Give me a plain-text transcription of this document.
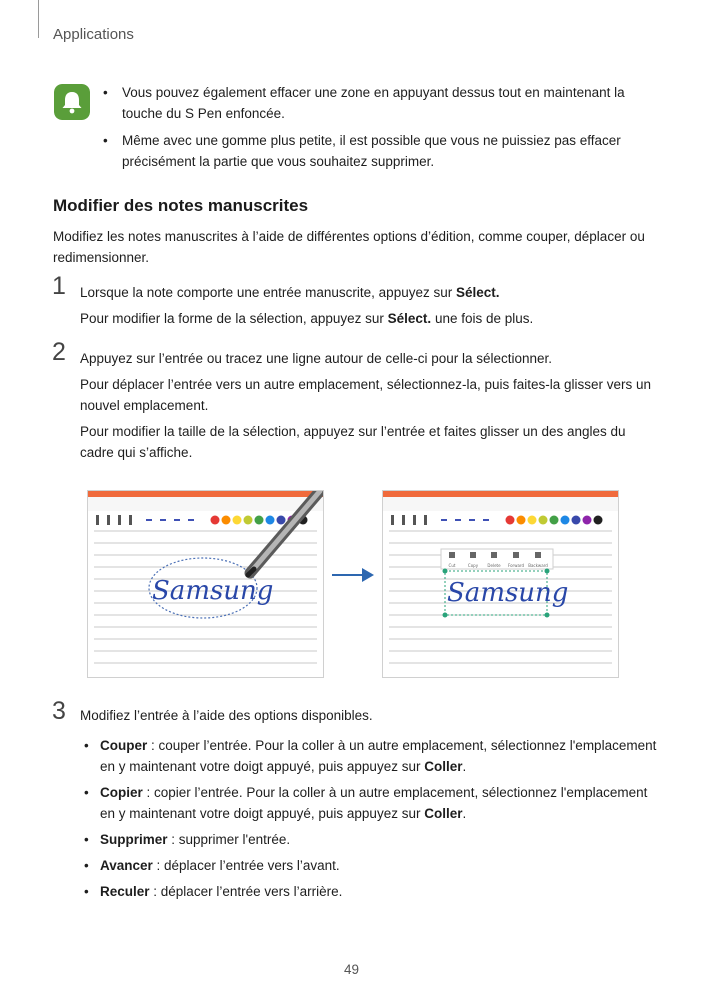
Applications
• Vous pouvez également effacer une zone en appuyant dessus tout en maintenant la touche du S Pen enfoncée.
• Même avec une gomme plus petite, il est possible que vous ne puissiez pas effacer précisément la partie que vous souhaitez supprimer.
Modifier des notes manuscrites
Modifiez les notes manuscrites à l’aide de différentes options d’édition, comme couper, déplacer ou redimensionner.
1 Lorsque la note comporte une entrée manuscrite, appuyez sur Sélect.
Pour modifier la forme de la sélection, appuyez sur Sélect. une fois de plus.
2 Appuyez sur l’entrée ou tracez une ligne autour de celle-ci pour la sélectionner.
Pour déplacer l’entrée vers un autre emplacement, sélectionnez-la, puis faites-la glisser vers un nouvel emplacement.
Pour modifier la taille de la sélection, appuyez sur l’entrée et faites glisser un des angles du cadre qui s’affiche.
Samsung
Cut	Copy Delete Forward Backward
Samsung
3 Modifiez l’entrée à l’aide des options disponibles.
• Couper : couper l’entrée. Pour la coller à un autre emplacement, sélectionnez l'emplacement en y maintenant votre doigt appuyé, puis appuyez sur Coller.
• Copier : copier l’entrée. Pour la coller à un autre emplacement, sélectionnez l'emplacement en y maintenant votre doigt appuyé, puis appuyez sur Coller.
• Supprimer : supprimer l'entrée.
• Avancer : déplacer l’entrée vers l’avant.
• Reculer : déplacer l’entrée vers l’arrière.
49
